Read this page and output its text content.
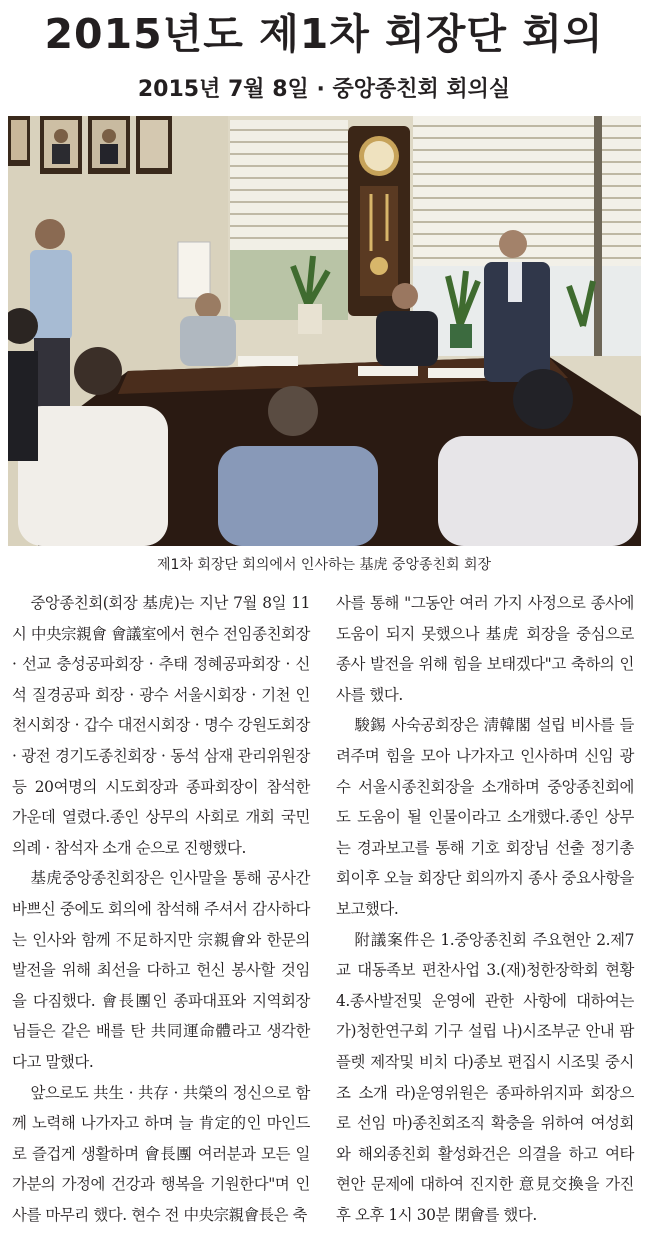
2015년도 제1차 회장단 회의
2015년 7월 8일 · 중앙종친회 회의실

제1차 회장단 회의에서 인사하는 基虎 중앙종친회 회장

중앙종친회(회장 基虎)는 지난 7월 8일 11시 中央宗親會 會議室에서 현수 전임종친회장 · 선교 충성공파회장 · 추태 정혜공파회장 · 신석 질경공파 회장 · 광수 서울시회장 · 기천 인천시회장 · 갑수 대전시회장 · 명수 강원도회장 · 광전 경기도종친회장 · 동석 삼재 관리위원장등 20여명의 시도회장과 종파회장이 참석한 가운데 열렸다.종인 상무의 사회로 개회 국민의례 · 참석자 소개 순으로 진행했다.

基虎중앙종친회장은 인사말을 통해 공사간 바쁘신 중에도 회의에 참석해 주셔서 감사하다는 인사와 함께 不足하지만 宗親會와 한문의 발전을 위해 최선을 다하고 헌신 봉사할 것임을 다짐했다. 會長團인 종파대표와 지역회장님들은 같은 배를 탄 共同運命體라고 생각한다고 말했다.

앞으로도 共生 · 共存 · 共榮의 정신으로 함께 노력해 나가자고 하며 늘 肯定的인 마인드로 즐겁게 생활하며 會長團 여러분과 모든 일가분의 가정에 건강과 행복을 기원한다"며 인사를 마무리 했다. 현수 전 中央宗親會長은 축

사를 통해 "그동안 여러 가지 사정으로 종사에 도움이 되지 못했으나 基虎 회장을 중심으로 종사 발전을 위해 힘을 보태겠다"고 축하의 인사를 했다.

駿錫 사숙공회장은 淸韓閣 설립 비사를 들려주며 힘을 모아 나가자고 인사하며 신임 광수 서울시종친회장을 소개하며 중앙종친회에도 도움이 될 인물이라고 소개했다.종인 상무는 경과보고를 통해 기호 회장님 선출 정기총회이후 오늘 회장단 회의까지 종사 중요사항을 보고했다.

附議案件은 1.중앙종친회 주요현안 2.제7교 대동족보 편찬사업 3.(재)청한장학회 현황 4.종사발전및 운영에 관한 사항에 대하여는 가)청한연구회 기구 설립 나)시조부군 안내 팜플렛 제작및 비치 다)종보 편집시 시조및 중시조 소개 라)운영위원은 종파하위지파 회장으로 선임 마)종친회조직 확충을 위하여 여성회와 해외종친회 활성화건은 의결을 하고 여타 현안 문제에 대하여 진지한 意見交換을 가진 후 오후 1시 30분 閉會를 했다.
